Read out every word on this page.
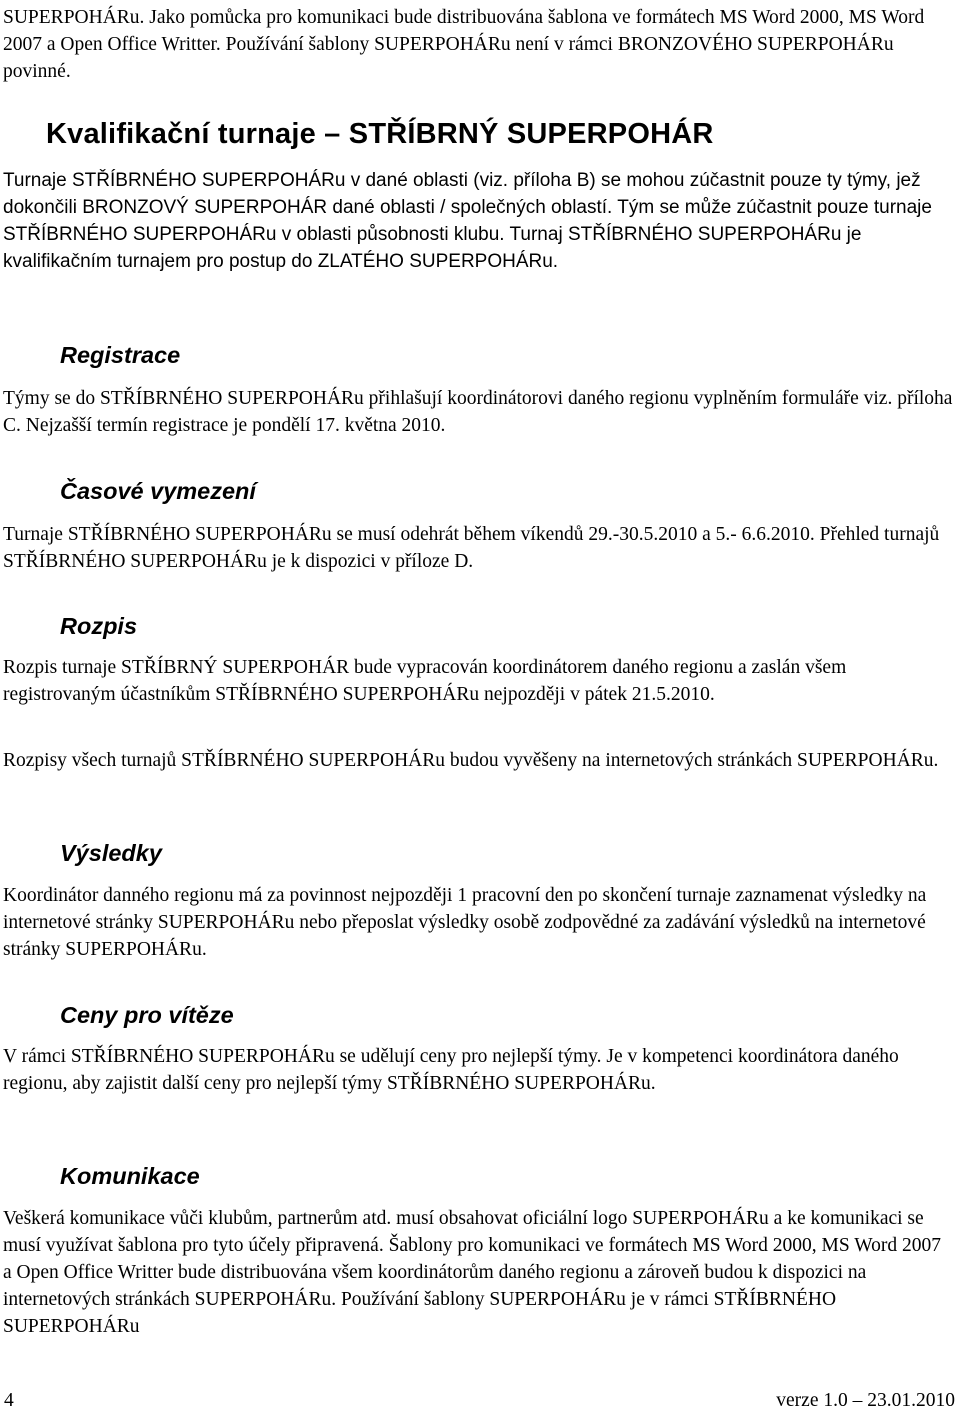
SUPERPOHÁRu. Jako pomůcka pro komunikaci bude distribuována šablona ve formátech MS Word 2000, MS Word 2007 a Open Office Writter. Používání šablony SUPERPOHÁRu není v rámci BRONZOVÉHO SUPERPOHÁRu povinné.

Kvalifikační turnaje – STŘÍBRNÝ SUPERPOHÁR

Turnaje STŘÍBRNÉHO SUPERPOHÁRu v dané oblasti (viz. příloha B) se mohou zúčastnit pouze ty týmy, jež dokončili BRONZOVÝ SUPERPOHÁR dané oblasti / společných oblastí. Tým se může zúčastnit pouze turnaje STŘÍBRNÉHO SUPERPOHÁRu v oblasti působnosti klubu. Turnaj STŘÍBRNÉHO SUPERPOHÁRu je kvalifikačním turnajem pro postup do ZLATÉHO SUPERPOHÁRu.

Registrace

Týmy se do STŘÍBRNÉHO SUPERPOHÁRu přihlašují koordinátorovi daného regionu vyplněním formuláře viz. příloha C. Nejzašší termín registrace je pondělí 17. května 2010.

Časové vymezení

Turnaje STŘÍBRNÉHO SUPERPOHÁRu se musí odehrát během víkendů 29.-30.5.2010 a 5.- 6.6.2010. Přehled turnajů STŘÍBRNÉHO SUPERPOHÁRu je k dispozici v příloze D.

Rozpis

Rozpis turnaje STŘÍBRNÝ SUPERPOHÁR bude vypracován koordinátorem daného regionu a zaslán všem registrovaným účastníkům STŘÍBRNÉHO SUPERPOHÁRu nejpozději v pátek 21.5.2010.

Rozpisy všech turnajů STŘÍBRNÉHO SUPERPOHÁRu budou vyvěšeny na internetových stránkách SUPERPOHÁRu.

Výsledky

Koordinátor danného regionu má za povinnost nejpozději 1 pracovní den po skončení turnaje zaznamenat výsledky na internetové stránky SUPERPOHÁRu nebo přeposlat výsledky osobě zodpovědné za zadávání výsledků na internetové stránky SUPERPOHÁRu.

Ceny pro vítěze

V rámci STŘÍBRNÉHO SUPERPOHÁRu se udělují ceny pro nejlepší týmy. Je v kompetenci koordinátora daného regionu, aby zajistit další ceny pro nejlepší týmy STŘÍBRNÉHO SUPERPOHÁRu.

Komunikace

Veškerá komunikace vůči klubům, partnerům atd. musí obsahovat oficiální logo SUPERPOHÁRu a ke komunikaci se musí využívat šablona pro tyto účely připravená. Šablony pro komunikaci ve formátech MS Word 2000, MS Word 2007 a Open Office Writter bude distribuována všem koordinátorům daného regionu a zároveň budou k dispozici na internetových stránkách SUPERPOHÁRu. Používání šablony SUPERPOHÁRu je v rámci STŘÍBRNÉHO SUPERPOHÁRu

4	verze 1.0 – 23.01.2010
